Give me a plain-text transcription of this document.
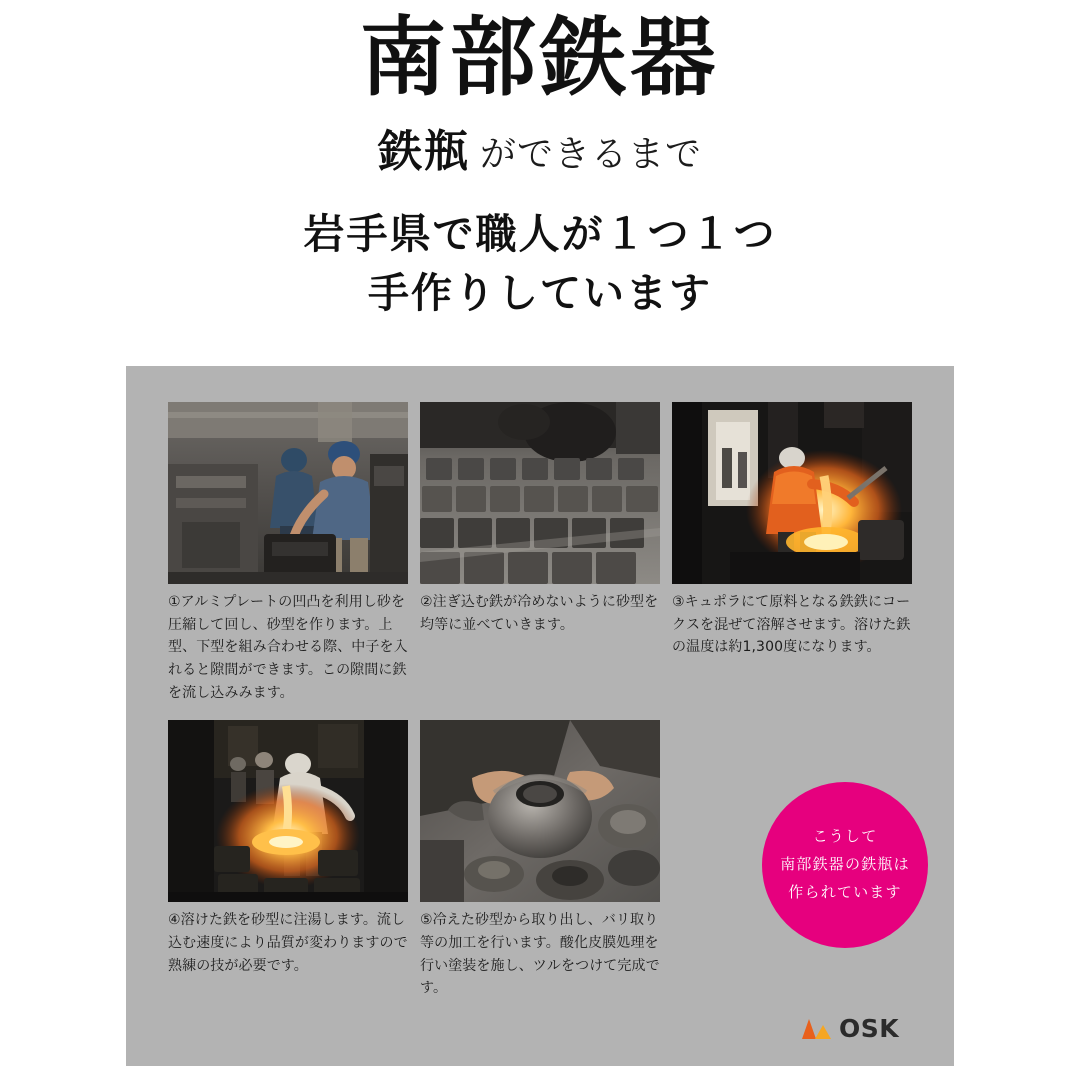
南部鉄器
鉄瓶 ができるまで
岩手県で職人が１つ１つ
手作りしています
①アルミプレートの凹凸を利用し砂を圧縮して回し、砂型を作ります。上型、下型を組み合わせる際、中子を入れると隙間ができます。この隙間に鉄を流し込みみます。
②注ぎ込む鉄が冷めないように砂型を均等に並べていきます。
③キュポラにて原料となる鉄鉄にコークスを混ぜて溶解させます。溶けた鉄の温度は約1,300度になります。
④溶けた鉄を砂型に注湯します。流し込む速度により品質が変わりますので熟練の技が必要です。
⑤冷えた砂型から取り出し、バリ取り等の加工を行います。酸化皮膜処理を行い塗装を施し、ツルをつけて完成です。
こうして
南部鉄器の鉄瓶は
作られています
OSK
